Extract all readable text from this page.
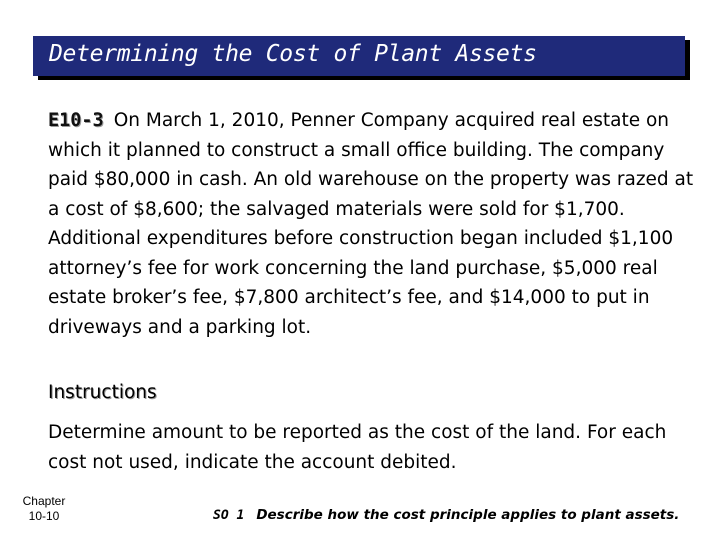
Determining the Cost of Plant Assets
E10-3 On March 1, 2010, Penner Company acquired real estate on which it planned to construct a small office building. The company paid $80,000 in cash. An old warehouse on the property was razed at a cost of $8,600; the salvaged materials were sold for $1,700. Additional expenditures before construction began included $1,100 attorney’s fee for work concerning the land purchase, $5,000 real estate broker’s fee, $7,800 architect’s fee, and $14,000 to put in driveways and a parking lot.
Instructions
Determine amount to be reported as the cost of the land. For each cost not used, indicate the account debited.
Chapter
10-10	SO 1 Describe how the cost principle applies to plant assets.
